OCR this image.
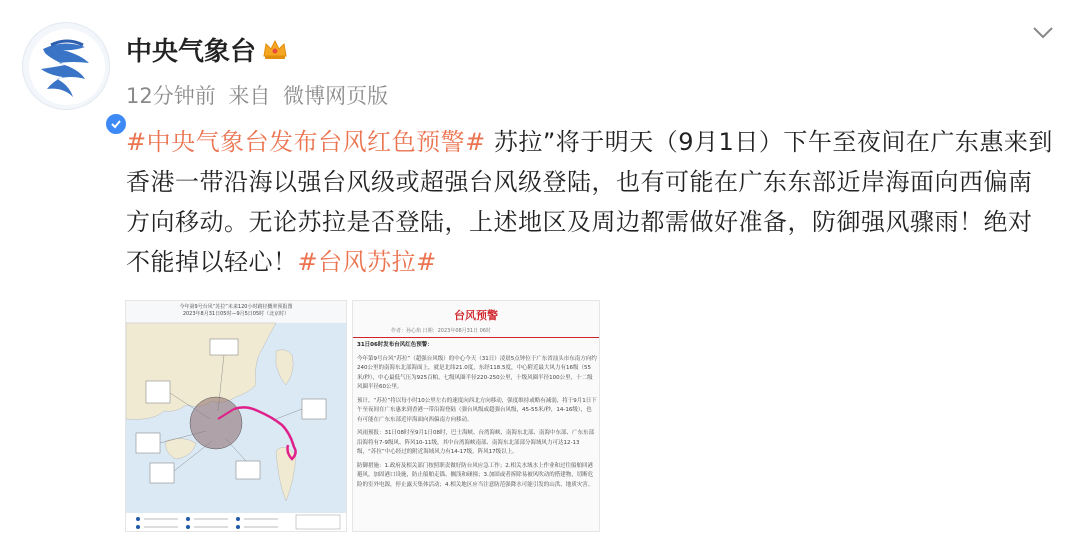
中央气象台
12分钟前 来自 微博网页版
#中央气象台发布台风红色预警# 苏拉”将于明天（9月1日）下午至夜间在广东惠来到香港一带沿海以强台风级或超强台风级登陆，也有可能在广东东部近岸海面向西偏南方向移动。无论苏拉是否登陆，上述地区及周边都需做好准备，防御强风骤雨！绝对不能掉以轻心！#台风苏拉#
今年第9号台风“苏拉”未来120小时路径概率预报图
2023年8月31日05时—9月5日05时（北京时）	台风预警
作者：孙心焰 日期：2023年08月31日 06时

31日06时发布台风红色预警：

今年第9号台风“苏拉”（超强台风级）的中心今天（31日）凌晨5点钟位于广东省汕头市东南方向约240公里的南海东北部海面上，就是北纬21.0度，东经118.5度，中心附近最大风力有16级（55米/秒），中心最低气压为925百帕，七级风圈半径220-250公里，十级风圈半径100公里，十二级风圈半径60公里。

预计，“苏拉”将以每小时10公里左右的速度向西北方向移动，强度维持或略有减弱，将于9月1日下午至夜间在广东惠来到香港一带沿海登陆（强台风级或超强台风级，45-55米/秒，14-16级），也有可能在广东东部近岸海面向西偏南方向移动。

风雨预报：31日08时至9月1日08时，巴士海峡、台湾海峡、南海东北部、南海中东部、广东东部沿海将有7-9级风、阵风10-11级，其中台湾海峡南部、南海东北部部分海域风力可达12-13级，“苏拉”中心经过的附近海域风力有14-17级，阵风17级以上。

防御措施：1.政府及相关部门按照职责做好防台风应急工作；2.相关水域水上作业和过往船舶回港避风，加固港口设施，防止船舶走锚、搁浅和碰撞；3.加固或者拆除易被风吹动的搭建物，切断危险的室外电源，停止露天集体活动；4.相关地区应当注意防范强降水可能引发的山洪、地质灾害。
